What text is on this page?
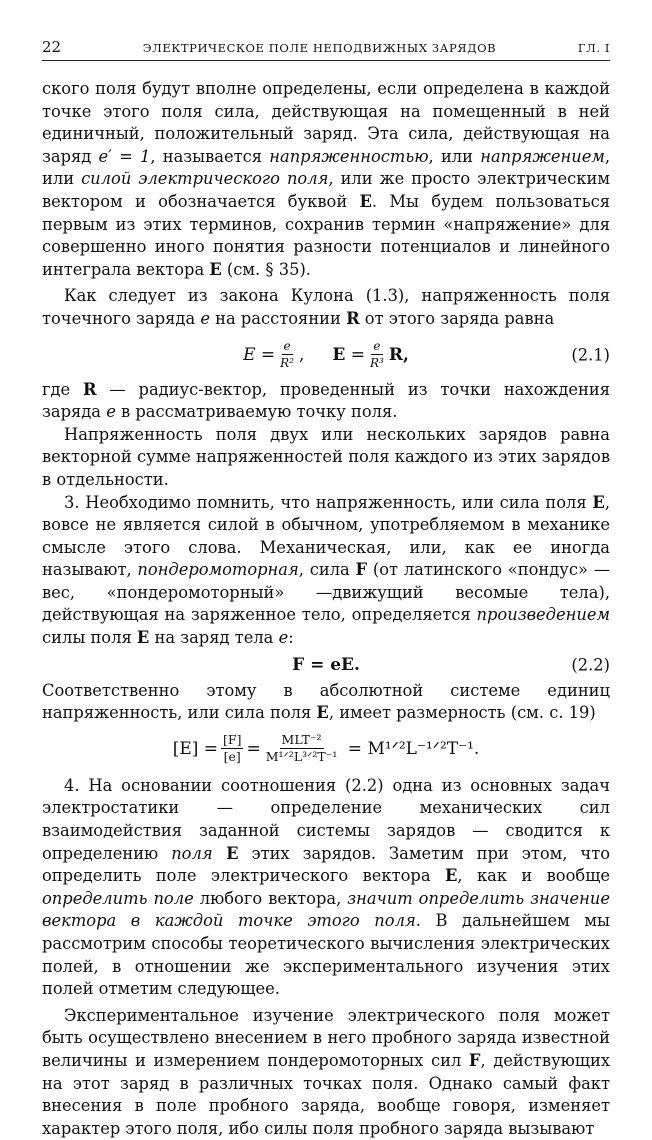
22	ЭЛЕКТРИЧЕСКОЕ ПОЛЕ НЕПОДВИЖНЫХ ЗАРЯДОВ	ГЛ. I

ского поля будут вполне определены, если определена в каждой точке этого поля сила, действующая на помещенный в ней единичный, положительный заряд. Эта сила, действующая на заряд e′ = 1, называется напряженностью, или напряжением, или силой электрического поля, или же просто электрическим вектором и обозначается буквой E. Мы будем пользоваться первым из этих терминов, сохранив термин «напряжение» для совершенно иного понятия разности потенциалов и линейного интеграла вектора E (см. § 35).

Как следует из закона Кулона (1.3), напряженность поля точечного заряда e на расстоянии R от этого заряда равна

$E = \frac{e}{\text{R²}}$ , E
= $\frac{e}{\text{R³}} R$,	(2.1)

где R — радиус-вектор, проведенный из точки нахождения заряда e в рассматриваемую точку поля.

Напряженность поля двух или нескольких зарядов равна векторной сумме напряженностей поля каждого из этих зарядов в отдельности.

3. Необходимо помнить, что напряженность, или сила поля E, вовсе не является силой в обычном, употребляемом в механике смысле этого слова. Механическая, или, как ее иногда называют, пондеромоторная, сила F (от латинского «пондус» — вес, «пондеромоторный» —движущий весомые тела), действующая на заряженное тело, определяется произведением силы поля E на заряд тела e:

F = eE.	(2.2)

Соответственно этому в абсолютной системе единиц напряженность, или сила поля E, имеет размерность (см. с. 19)

$[E] = \frac{[F]}{[e]} = \frac{\text{MLT⁻²}}{\text{M¹ᐟ²L³ᐟ²T⁻¹}}$
= M¹ᐟ²L⁻¹ᐟ²T⁻¹.

4. На основании соотношения (2.2) одна из основных задач электростатики — определение механических сил взаимодействия заданной системы зарядов — сводится к определению поля E этих зарядов. Заметим при этом, что определить поле электрического вектора E, как и вообще определить поле любого вектора, значит определить значение вектора в каждой точке этого поля. В дальнейшем мы рассмотрим способы теоретического вычисления электрических полей, в отношении же экспериментального изучения этих полей отметим следующее.

Экспериментальное изучение электрического поля может быть осуществлено внесением в него пробного заряда известной величины и измерением пондеромоторных сил F, действующих на этот заряд в различных точках поля. Однако самый факт внесения в поле пробного заряда, вообще говоря, изменяет характер этого поля, ибо силы поля пробного заряда вызывают
